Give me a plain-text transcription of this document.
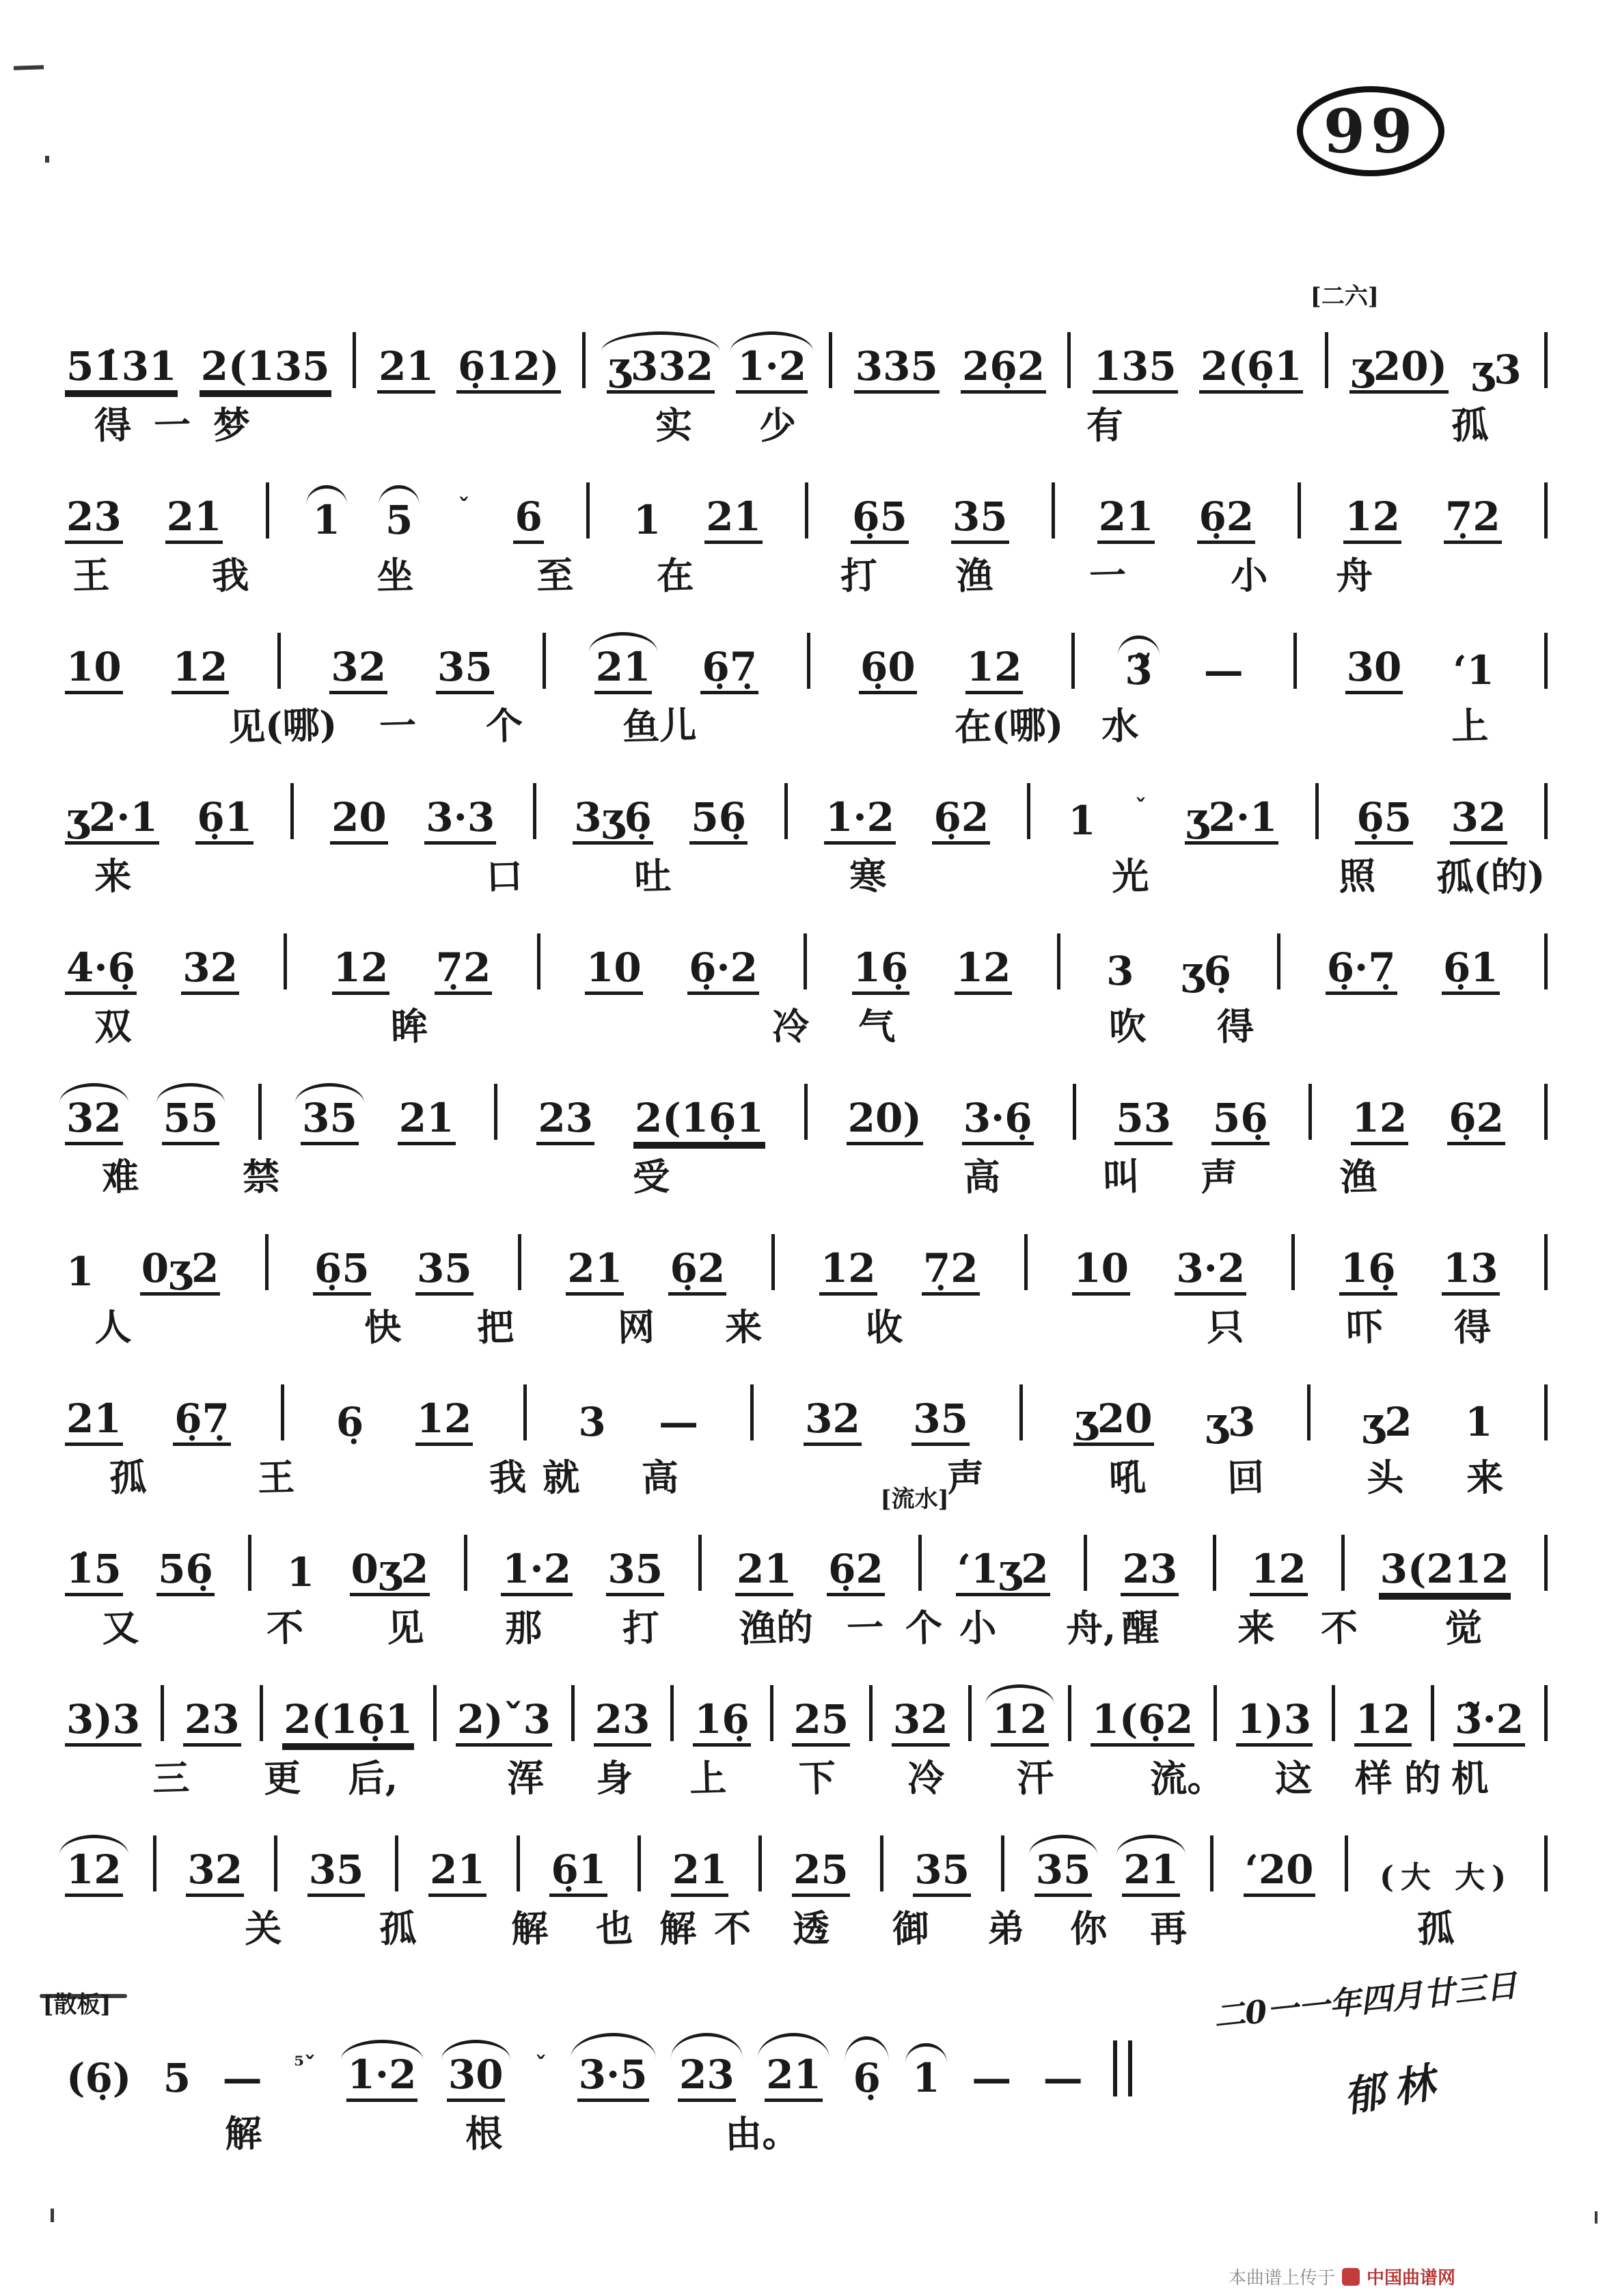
99
[二六]
51̇31 2(135 21 6̣12) ʒ332 1·2 335 26̣2 135 2(6̣1 ʒ20) ʒ3
得 一 梦	实 少	有	孤
23 21 1 5 ˇ 6 1 21 6̣5 35 21 6̣2 12 7̣2
王	我	坐	至 在	打 渔	一	小 舟
10 12	32 35	21 6̣7̣	6̣0 12	3̃ —	30 ʻ1
见(哪) 一 个	鱼儿	在(哪) 水	上
ʒ2·1 6̣1 20 3·3 3ʒ6̣ 56̣ 1·2 6̣2 1 ˇ ʒ2·1 6̣5 32
来	口	吐	寒	光	照 孤(的)
4·6̣ 32 12 7̣2 10 6̣·2 16̣ 12 3 ʒ6̣ 6̣·7̣ 6̣1
双	眸	冷 气	吹 得
32 55 35 21 23 2(16̣1 20) 3·6̣ 53 56̣ 12 6̣2
难	禁	受	高	叫 声	渔
1 0ʒ2 6̣5 35 21 6̣2 12 7̣2 10 3·2 16̣ 13
人	快 把	网 来	收	只	吓 得
21 6̣7̣	6̣ 12	3 —	32 35	ʒ20 ʒ3	ʒ2 1
孤	王	我 就 高	声	吼 回	头 来
[流水]
1̇5 56̣ 1 0ʒ2 1·2 35 21 6̣2 ʻ1ʒ2 23 12 3(212
又	不 见 那 打 渔的 一 个 小 舟, 醒 来 不 觉
3)3 23 2(16̣1 2)ˇ3 23 16̣ 25 32 12 1(6̣2 1)3 12 3̃·2
三 更 后,	浑 身 上 下 冷 汗	流。 这 样 的 机
12 32 35 21 6̣1 21 25 35 35 21 ʻ20 (大 大)
关	孤	解 也 解 不 透 御 弟 你 再	孤
[散板]
(6̣) 5 — ⁵ˇ 1·2 30 ˇ 3·5 23 21 6̣ 1 — —
解	根	由。
二0一一年四月廿三日
郁林
本曲谱上传于 中国曲谱网
